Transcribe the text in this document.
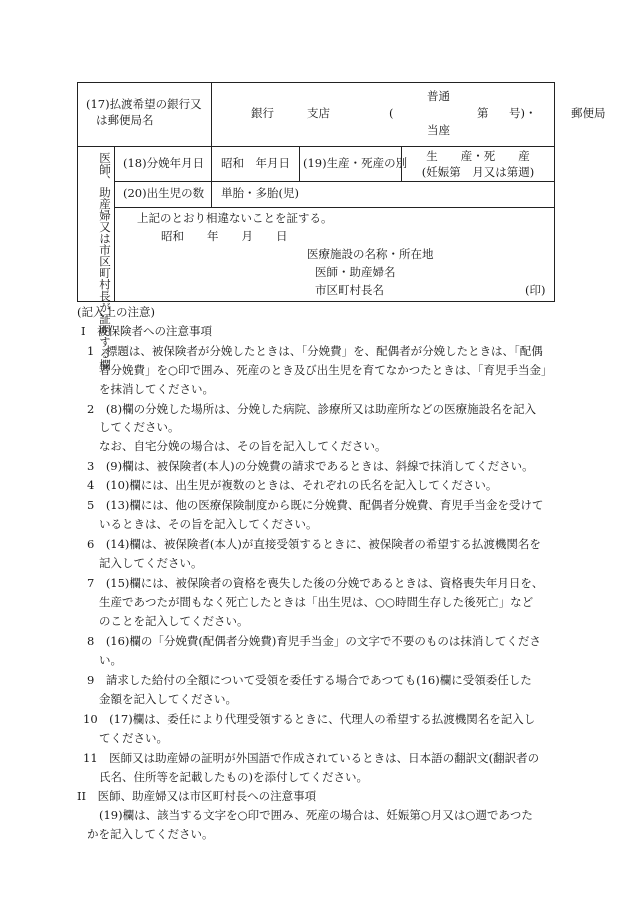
(17)払渡希望の銀行又
は郵便局名
普通
銀行	支店	(	第 号)・	郵便局
当座
医師、助産婦又は市区町村長が証明する欄 (18)分娩年月日	昭和　年月日	(19)生産・死産の別	生　　産・死　　産
(妊娠第　月又は第週)
(20)出生児の数	単胎・多胎(児)
上記のとおり相違ないことを証する。
昭和　　年　　月　　日
医療施設の名称・所在地
医師・助産婦名
市区町村長名	(印)
(記入上の注意)
I　被保険者への注意事項
1　標題は、被保険者が分娩したときは、「分娩費」を、配偶者が分娩したときは、「配偶
者分娩費」を○印で囲み、死産のとき及び出生児を育てなかつたときは、「育児手当金」
を抹消してください。
2　(8)欄の分娩した場所は、分娩した病院、診療所又は助産所などの医療施設名を記入
してください。
なお、自宅分娩の場合は、その旨を記入してください。
3　(9)欄は、被保険者(本人)の分娩費の請求であるときは、斜線で抹消してください。
4　(10)欄には、出生児が複数のときは、それぞれの氏名を記入してください。
5　(13)欄には、他の医療保険制度から既に分娩費、配偶者分娩費、育児手当金を受けて
いるときは、その旨を記入してください。
6　(14)欄は、被保険者(本人)が直接受領するときに、被保険者の希望する払渡機関名を
記入してください。
7　(15)欄には、被保険者の資格を喪失した後の分娩であるときは、資格喪失年月日を、
生産であつたが間もなく死亡したときは「出生児は、○○時間生存した後死亡」など
のことを記入してください。
8　(16)欄の「分娩費(配偶者分娩費)育児手当金」の文字で不要のものは抹消してくださ
い。
9　請求した給付の全額について受領を委任する場合であつても(16)欄に受領委任した
金額を記入してください。
10　(17)欄は、委任により代理受領するときに、代理人の希望する払渡機関名を記入し
てください。
11　医師又は助産婦の証明が外国語で作成されているときは、日本語の翻訳文(翻訳者の
氏名、住所等を記載したもの)を添付してください。
II　医師、助産婦又は市区町村長への注意事項
(19)欄は、該当する文字を○印で囲み、死産の場合は、妊娠第○月又は○週であつた
かを記入してください。
